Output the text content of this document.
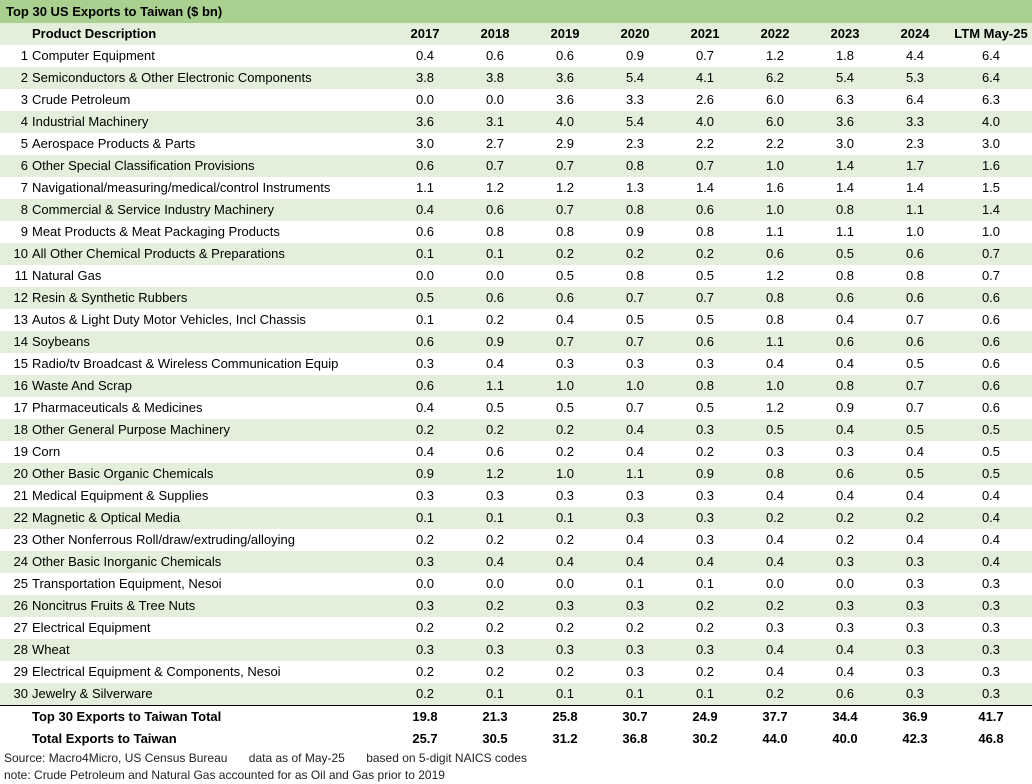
Top 30 US Exports to Taiwan ($ bn)
	Product Description	2017	2018	2019	2020	2021	2022	2023	2024	LTM May-25
1	Computer Equipment	0.4	0.6	0.6	0.9	0.7	1.2	1.8	4.4	6.4
2	Semiconductors & Other Electronic Components	3.8	3.8	3.6	5.4	4.1	6.2	5.4	5.3	6.4
3	Crude Petroleum	0.0	0.0	3.6	3.3	2.6	6.0	6.3	6.4	6.3
4	Industrial Machinery	3.6	3.1	4.0	5.4	4.0	6.0	3.6	3.3	4.0
5	Aerospace Products & Parts	3.0	2.7	2.9	2.3	2.2	2.2	3.0	2.3	3.0
6	Other Special Classification Provisions	0.6	0.7	0.7	0.8	0.7	1.0	1.4	1.7	1.6
7	Navigational/measuring/medical/control Instruments	1.1	1.2	1.2	1.3	1.4	1.6	1.4	1.4	1.5
8	Commercial & Service Industry Machinery	0.4	0.6	0.7	0.8	0.6	1.0	0.8	1.1	1.4
9	Meat Products & Meat Packaging Products	0.6	0.8	0.8	0.9	0.8	1.1	1.1	1.0	1.0
10	All Other Chemical Products & Preparations	0.1	0.1	0.2	0.2	0.2	0.6	0.5	0.6	0.7
11	Natural Gas	0.0	0.0	0.5	0.8	0.5	1.2	0.8	0.8	0.7
12	Resin & Synthetic Rubbers	0.5	0.6	0.6	0.7	0.7	0.8	0.6	0.6	0.6
13	Autos & Light Duty Motor Vehicles, Incl Chassis	0.1	0.2	0.4	0.5	0.5	0.8	0.4	0.7	0.6
14	Soybeans	0.6	0.9	0.7	0.7	0.6	1.1	0.6	0.6	0.6
15	Radio/tv Broadcast & Wireless Communication Equip	0.3	0.4	0.3	0.3	0.3	0.4	0.4	0.5	0.6
16	Waste And Scrap	0.6	1.1	1.0	1.0	0.8	1.0	0.8	0.7	0.6
17	Pharmaceuticals & Medicines	0.4	0.5	0.5	0.7	0.5	1.2	0.9	0.7	0.6
18	Other General Purpose Machinery	0.2	0.2	0.2	0.4	0.3	0.5	0.4	0.5	0.5
19	Corn	0.4	0.6	0.2	0.4	0.2	0.3	0.3	0.4	0.5
20	Other Basic Organic Chemicals	0.9	1.2	1.0	1.1	0.9	0.8	0.6	0.5	0.5
21	Medical Equipment & Supplies	0.3	0.3	0.3	0.3	0.3	0.4	0.4	0.4	0.4
22	Magnetic & Optical Media	0.1	0.1	0.1	0.3	0.3	0.2	0.2	0.2	0.4
23	Other Nonferrous Roll/draw/extruding/alloying	0.2	0.2	0.2	0.4	0.3	0.4	0.2	0.4	0.4
24	Other Basic Inorganic Chemicals	0.3	0.4	0.4	0.4	0.4	0.4	0.3	0.3	0.4
25	Transportation Equipment, Nesoi	0.0	0.0	0.0	0.1	0.1	0.0	0.0	0.3	0.3
26	Noncitrus Fruits & Tree Nuts	0.3	0.2	0.3	0.3	0.2	0.2	0.3	0.3	0.3
27	Electrical Equipment	0.2	0.2	0.2	0.2	0.2	0.3	0.3	0.3	0.3
28	Wheat	0.3	0.3	0.3	0.3	0.3	0.4	0.4	0.3	0.3
29	Electrical Equipment & Components, Nesoi	0.2	0.2	0.2	0.3	0.2	0.4	0.4	0.3	0.3
30	Jewelry & Silverware	0.2	0.1	0.1	0.1	0.1	0.2	0.6	0.3	0.3
	Top 30 Exports to Taiwan Total	19.8	21.3	25.8	30.7	24.9	37.7	34.4	36.9	41.7
	Total Exports to Taiwan	25.7	30.5	31.2	36.8	30.2	44.0	40.0	42.3	46.8
Source: Macro4Micro, US Census Bureau data as of May-25 based on 5-digit NAICS codes
note: Crude Petroleum and Natural Gas accounted for as Oil and Gas prior to 2019
